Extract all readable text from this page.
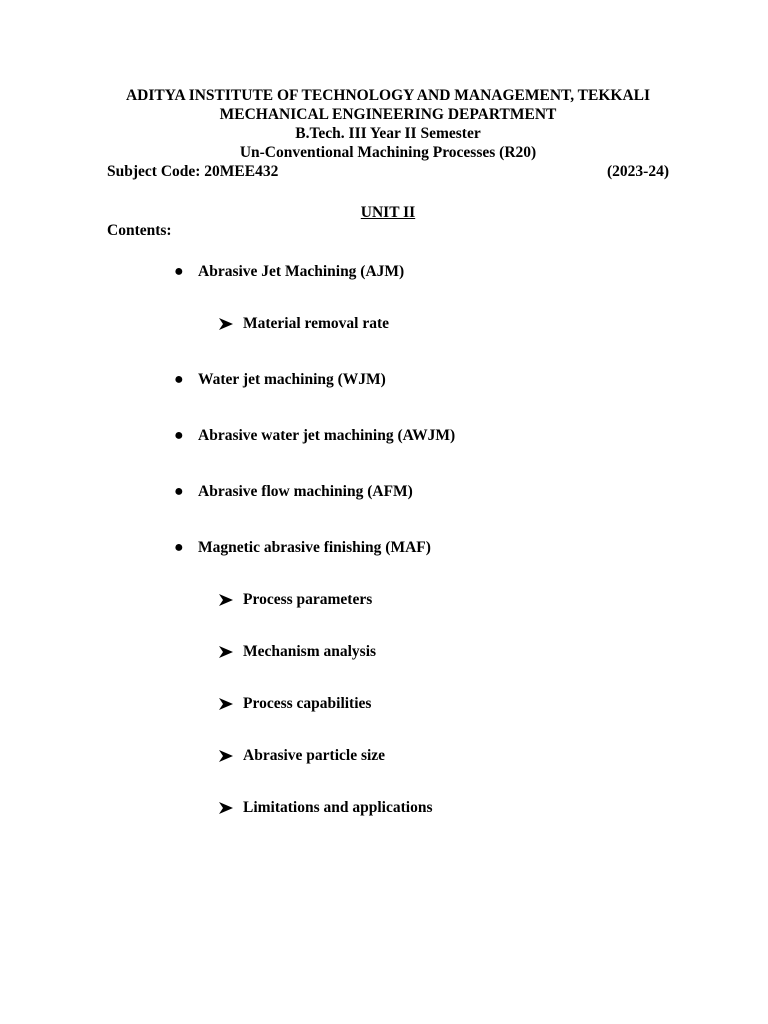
ADITYA INSTITUTE OF TECHNOLOGY AND MANAGEMENT, TEKKALI
MECHANICAL ENGINEERING DEPARTMENT
B.Tech. III Year II Semester
Un-Conventional Machining Processes (R20)
Subject Code: 20MEE432	(2023-24)
UNIT II
Contents:
● Abrasive Jet Machining (AJM)
Material removal rate
● Water jet machining (WJM)
● Abrasive water jet machining (AWJM)
● Abrasive flow machining (AFM)
● Magnetic abrasive finishing (MAF)
Process parameters
Mechanism analysis
Process capabilities
Abrasive particle size
Limitations and applications
